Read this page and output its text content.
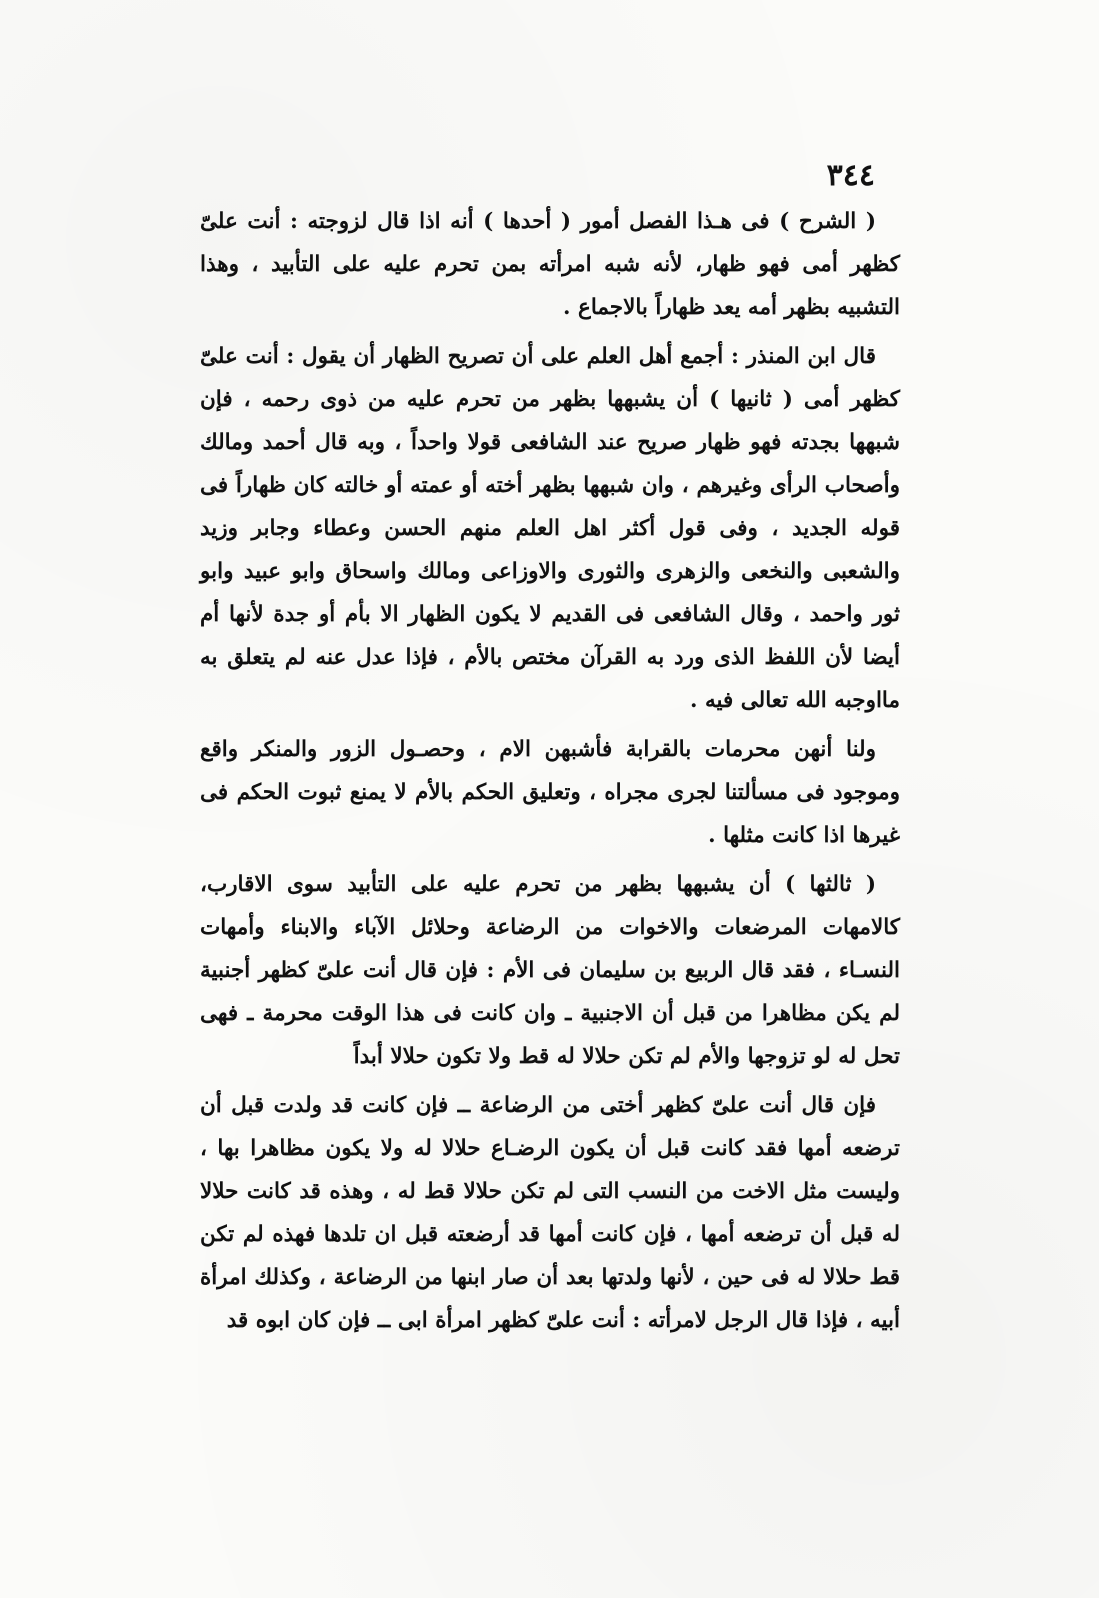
٣٤٤

( الشرح ) فى هـذا الفصل أمور ( أحدها ) أنه اذا قال لزوجته : أنت علىّ كظهر أمى فهو ظهار، لأنه شبه امرأته بمن تحرم عليه على التأبيد ، وهذا التشبيه بظهر أمه يعد ظهاراً بالاجماع .

قال ابن المنذر : أجمع أهل العلم على أن تصريح الظهار أن يقول : أنت علىّ كظهر أمى ( ثانيها ) أن يشبهها بظهر من تحرم عليه من ذوى رحمه ، فإن شبهها بجدته فهو ظهار صريح عند الشافعى قولا واحداً ، وبه قال أحمد ومالك وأصحاب الرأى وغيرهم ، وان شبهها بظهر أخته أو عمته أو خالته كان ظهاراً فى قوله الجديد ، وفى قول أكثر اهل العلم منهم الحسن وعطاء وجابر وزيد والشعبى والنخعى والزهرى والثورى والاوزاعى ومالك واسحاق وابو عبيد وابو ثور واحمد ، وقال الشافعى فى القديم لا يكون الظهار الا بأم أو جدة لأنها أم أيضا لأن اللفظ الذى ورد به القرآن مختص بالأم ، فإذا عدل عنه لم يتعلق به مااوجبه الله تعالى فيه .

ولنا أنهن محرمات بالقرابة فأشبهن الام ، وحصـول الزور والمنكر واقع وموجود فى مسألتنا لجرى مجراه ، وتعليق الحكم بالأم لا يمنع ثبوت الحكم فى غيرها اذا كانت مثلها .

( ثالثها ) أن يشبهها بظهر من تحرم عليه على التأبيد سوى الاقارب، كالامهات المرضعات والاخوات من الرضاعة وحلائل الآباء والابناء وأمهات النسـاء ، فقد قال الربيع بن سليمان فى الأم : فإن قال أنت علىّ كظهر أجنبية لم يكن مظاهرا من قبل أن الاجنبية ـ وان كانت فى هذا الوقت محرمة ـ فهى تحل له لو تزوجها والأم لم تكن حلالا له قط ولا تكون حلالا أبداً

فإن قال أنت علىّ كظهر أختى من الرضاعة ــ فإن كانت قد ولدت قبل أن ترضعه أمها فقد كانت قبل أن يكون الرضـاع حلالا له ولا يكون مظاهرا بها ، وليست مثل الاخت من النسب التى لم تكن حلالا قط له ، وهذه قد كانت حلالا له قبل أن ترضعه أمها ، فإن كانت أمها قد أرضعته قبل ان تلدها فهذه لم تكن قط حلالا له فى حين ، لأنها ولدتها بعد أن صار ابنها من الرضاعة ، وكذلك امرأة أبيه ، فإذا قال الرجل لامرأته : أنت علىّ كظهر امرأة ابى ــ فإن كان ابوه قد
